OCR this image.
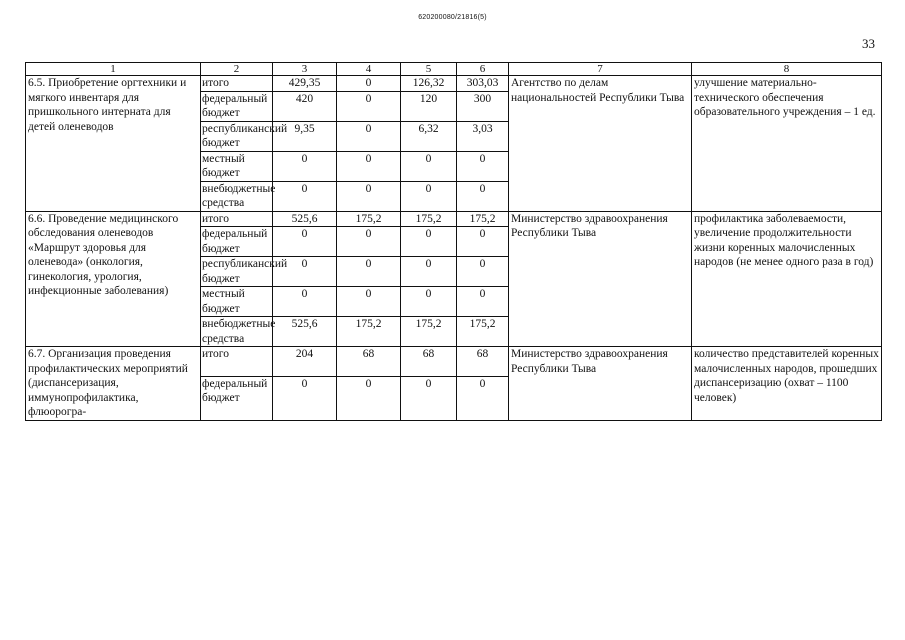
620200080/21816(5)
33
1	2	3	4	5	6	7	8
6.5. Приобретение оргтехники и мягкого инвентаря для пришкольного интерната для детей оленеводов	итого	429,35	0	126,32	303,03	Агентство по делам национальностей Республики Тыва	улучшение материально-технического обеспечения образовательного учреждения – 1 ед.
	федеральный бюджет	420	0	120	300		
	республиканский бюджет	9,35	0	6,32	3,03		
	местный бюджет	0	0	0	0		
	внебюджетные средства	0	0	0	0		
6.6. Проведение медицинского обследования оленеводов «Маршрут здоровья для оленевода» (онкология, гинекология, урология, инфекционные заболевания)	итого	525,6	175,2	175,2	175,2	Министерство здравоохранения Республики Тыва	профилактика заболеваемости, увеличение продолжительности жизни коренных малочисленных народов (не менее одного раза в год)
	федеральный бюджет	0	0	0	0		
	республиканский бюджет	0	0	0	0		
	местный бюджет	0	0	0	0		
	внебюджетные средства	525,6	175,2	175,2	175,2		
6.7. Организация проведения профилактических мероприятий (диспансеризация, иммунопрофилактика, флюорогра-	итого	204	68	68	68	Министерство здравоохранения Республики Тыва	количество представителей коренных малочисленных народов, прошедших диспансеризацию (охват – 1100 человек)
	федеральный бюджет	0	0	0	0		
